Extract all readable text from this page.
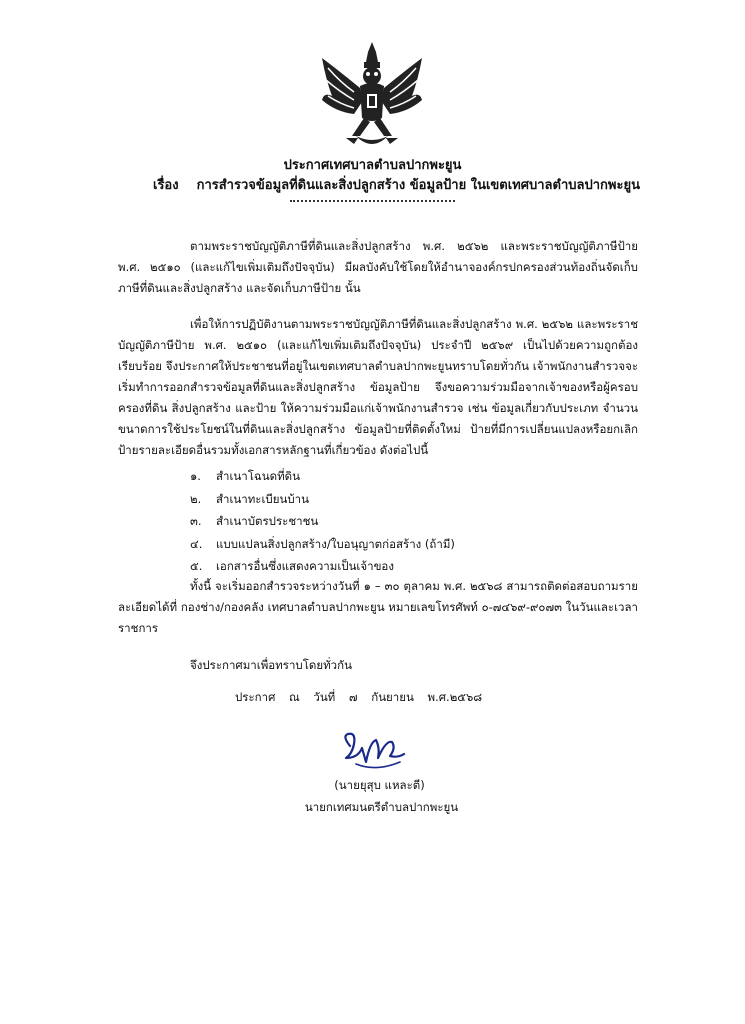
ประกาศเทศบาลตำบลปากพะยูน
เรื่อง การสำรวจข้อมูลที่ดินและสิ่งปลูกสร้าง ข้อมูลป้าย ในเขตเทศบาลตำบลปากพะยูน

ตามพระราชบัญญัติภาษีที่ดินและสิ่งปลูกสร้าง พ.ศ. ๒๕๖๒ และพระราชบัญญัติภาษีป้าย พ.ศ. ๒๕๑๐ (และแก้ไขเพิ่มเติมถึงปัจจุบัน) มีผลบังคับใช้โดยให้อำนาจองค์กรปกครองส่วนท้องถิ่นจัดเก็บภาษีที่ดินและสิ่งปลูกสร้าง และจัดเก็บภาษีป้าย นั้น

เพื่อให้การปฏิบัติงานตามพระราชบัญญัติภาษีที่ดินและสิ่งปลูกสร้าง พ.ศ. ๒๕๖๒ และพระราชบัญญัติภาษีป้าย พ.ศ. ๒๕๑๐ (และแก้ไขเพิ่มเติมถึงปัจจุบัน) ประจำปี ๒๕๖๙ เป็นไปด้วยความถูกต้องเรียบร้อย จึงประกาศให้ประชาชนที่อยู่ในเขตเทศบาลตำบลปากพะยูนทราบโดยทั่วกัน เจ้าพนักงานสำรวจจะเริ่มทำการออกสำรวจข้อมูลที่ดินและสิ่งปลูกสร้าง ข้อมูลป้าย จึงขอความร่วมมือจากเจ้าของหรือผู้ครอบครองที่ดิน สิ่งปลูกสร้าง และป้าย ให้ความร่วมมือแก่เจ้าพนักงานสำรวจ เช่น ข้อมูลเกี่ยวกับประเภท จำนวน ขนาดการใช้ประโยชน์ในที่ดินและสิ่งปลูกสร้าง ข้อมูลป้ายที่ติดตั้งใหม่ ป้ายที่มีการเปลี่ยนแปลงหรือยกเลิกป้ายรายละเอียดอื่นรวมทั้งเอกสารหลักฐานที่เกี่ยวข้อง ดังต่อไปนี้

๑. สำเนาโฉนดที่ดิน
๒. สำเนาทะเบียนบ้าน
๓. สำเนาบัตรประชาชน
๔. แบบแปลนสิ่งปลูกสร้าง/ใบอนุญาตก่อสร้าง (ถ้ามี)
๕. เอกสารอื่นซึ่งแสดงความเป็นเจ้าของ

ทั้งนี้ จะเริ่มออกสำรวจระหว่างวันที่ ๑ – ๓๐ ตุลาคม พ.ศ. ๒๕๖๘ สามารถติดต่อสอบถามรายละเอียดได้ที่ กองช่าง/กองคลัง เทศบาลตำบลปากพะยูน หมายเลขโทรศัพท์ ๐-๗๔๖๙-๙๐๗๓ ในวันและเวลาราชการ

จึงประกาศมาเพื่อทราบโดยทั่วกัน
ประกาศ ณ วันที่ ๗ กันยายน พ.ศ.๒๕๖๘
(นายยุสุบ แหละตี)
นายกเทศมนตรีตำบลปากพะยูน
